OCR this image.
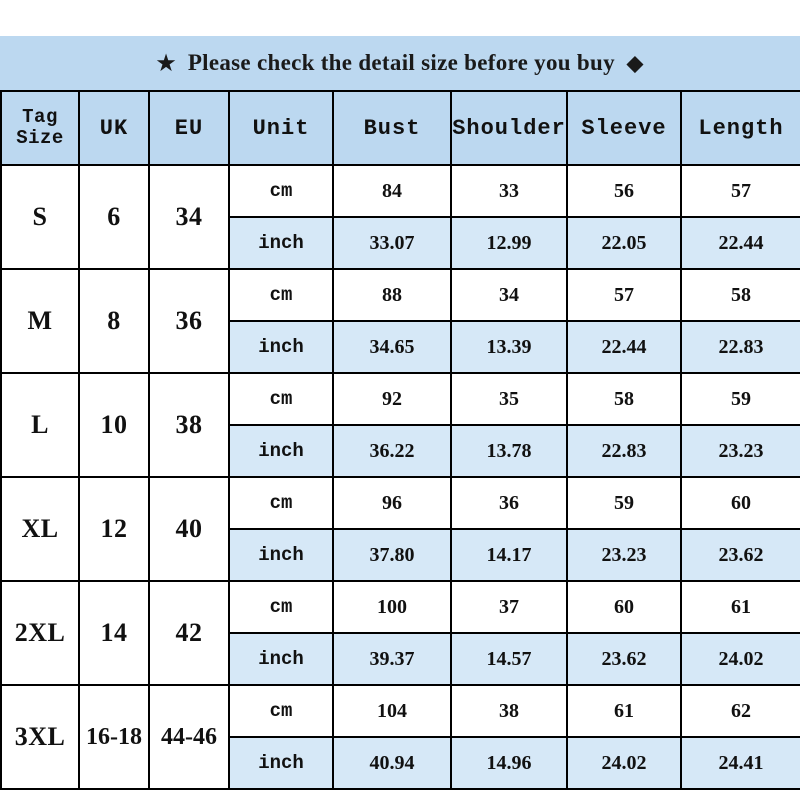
★ Please check the detail size before you buy ◆
Tag
Size	UK	EU	Unit	Bust	Shoulder	Sleeve	Length
S	6	34	cm	84	33	56	57
			inch	33.07	12.99	22.05	22.44
M	8	36	cm	88	34	57	58
			inch	34.65	13.39	22.44	22.83
L	10	38	cm	92	35	58	59
			inch	36.22	13.78	22.83	23.23
XL	12	40	cm	96	36	59	60
			inch	37.80	14.17	23.23	23.62
2XL	14	42	cm	100	37	60	61
			inch	39.37	14.57	23.62	24.02
3XL	16-18	44-46	cm	104	38	61	62
			inch	40.94	14.96	24.02	24.41
